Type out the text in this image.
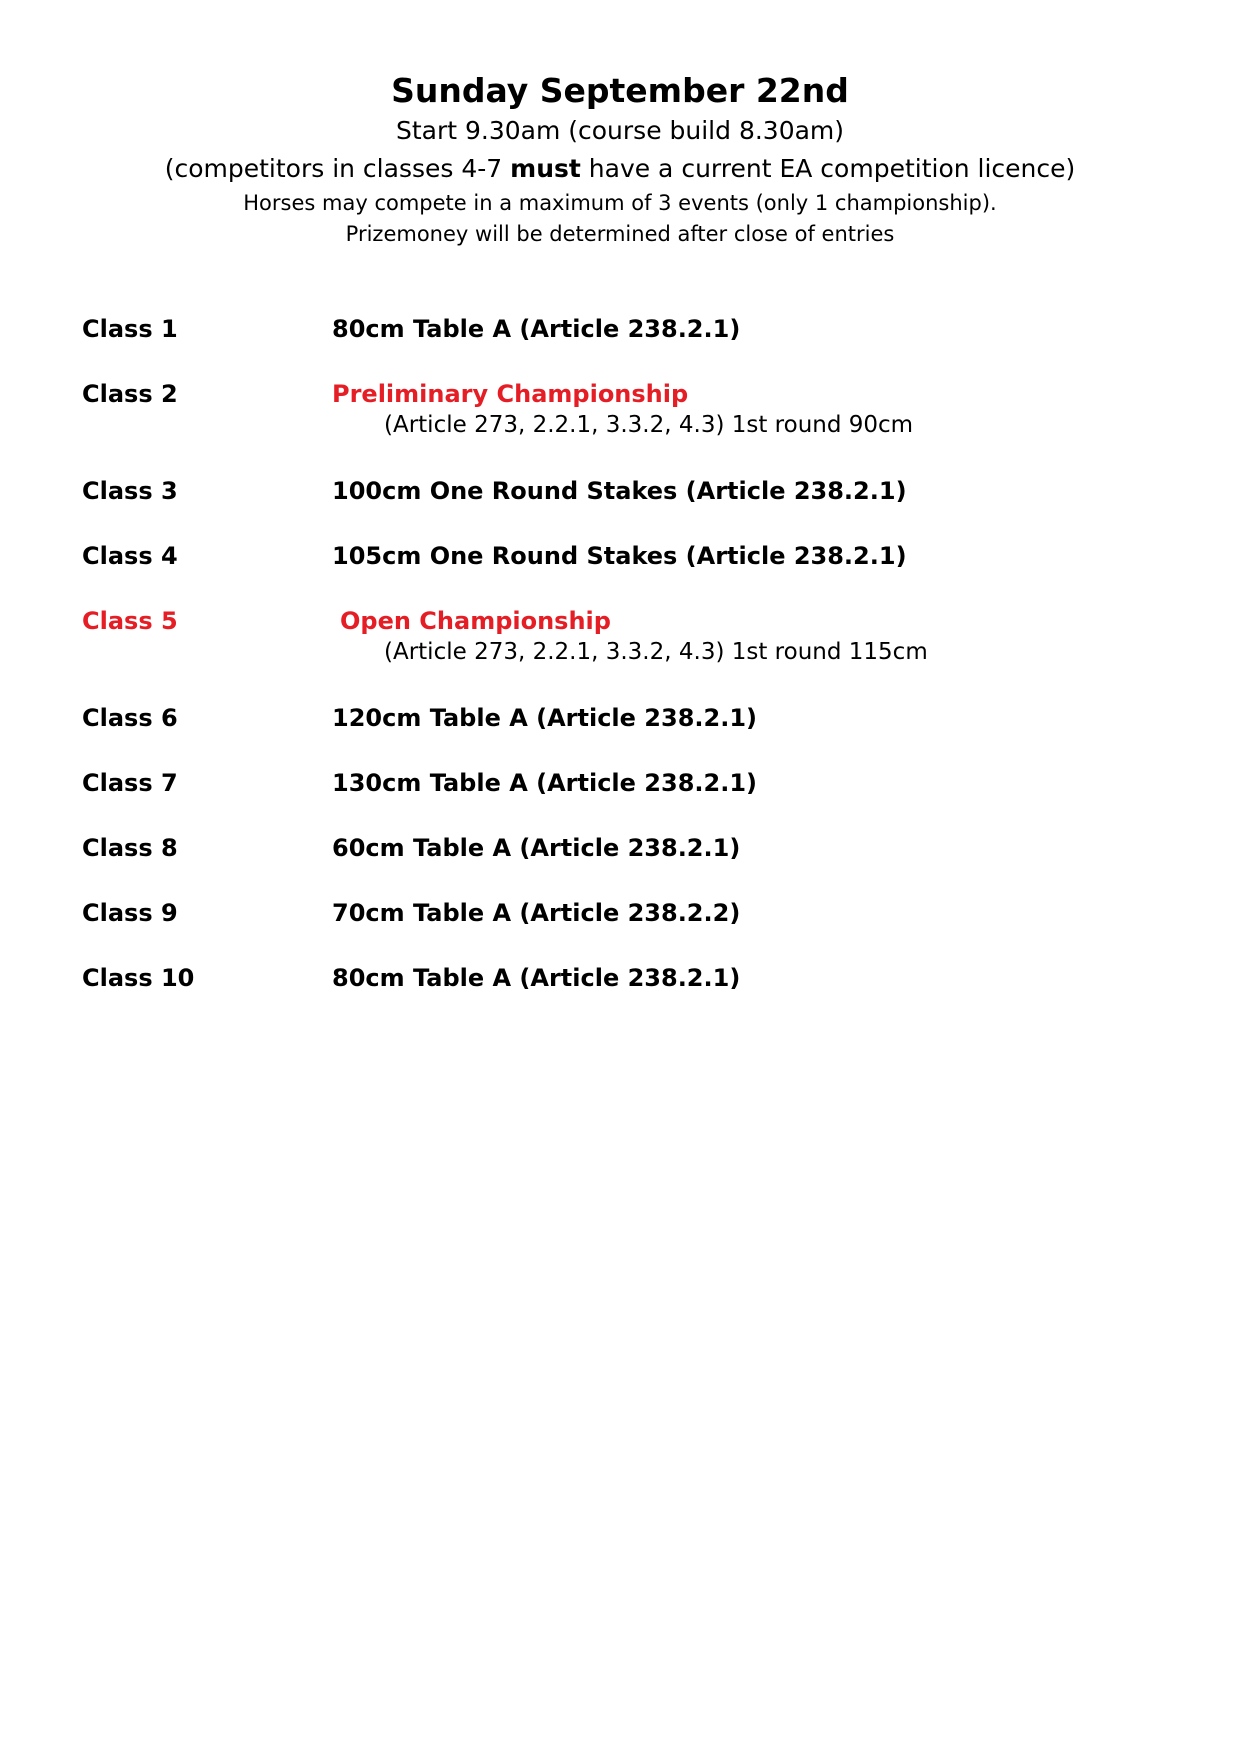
Sunday September 22nd
Start 9.30am (course build 8.30am)
(competitors in classes 4-7 must have a current EA competition licence)
Horses may compete in a maximum of 3 events (only 1 championship).
Prizemoney will be determined after close of entries
Class 1	80cm Table A (Article 238.2.1)
Class 2	Preliminary Championship
(Article 273, 2.2.1, 3.3.2, 4.3) 1st round 90cm
Class 3	100cm One Round Stakes (Article 238.2.1)
Class 4	105cm One Round Stakes (Article 238.2.1)
Class 5	Open Championship
(Article 273, 2.2.1, 3.3.2, 4.3) 1st round 115cm
Class 6	120cm Table A (Article 238.2.1)
Class 7	130cm Table A (Article 238.2.1)
Class 8	60cm Table A (Article 238.2.1)
Class 9	70cm Table A (Article 238.2.2)
Class 10	80cm Table A (Article 238.2.1)
